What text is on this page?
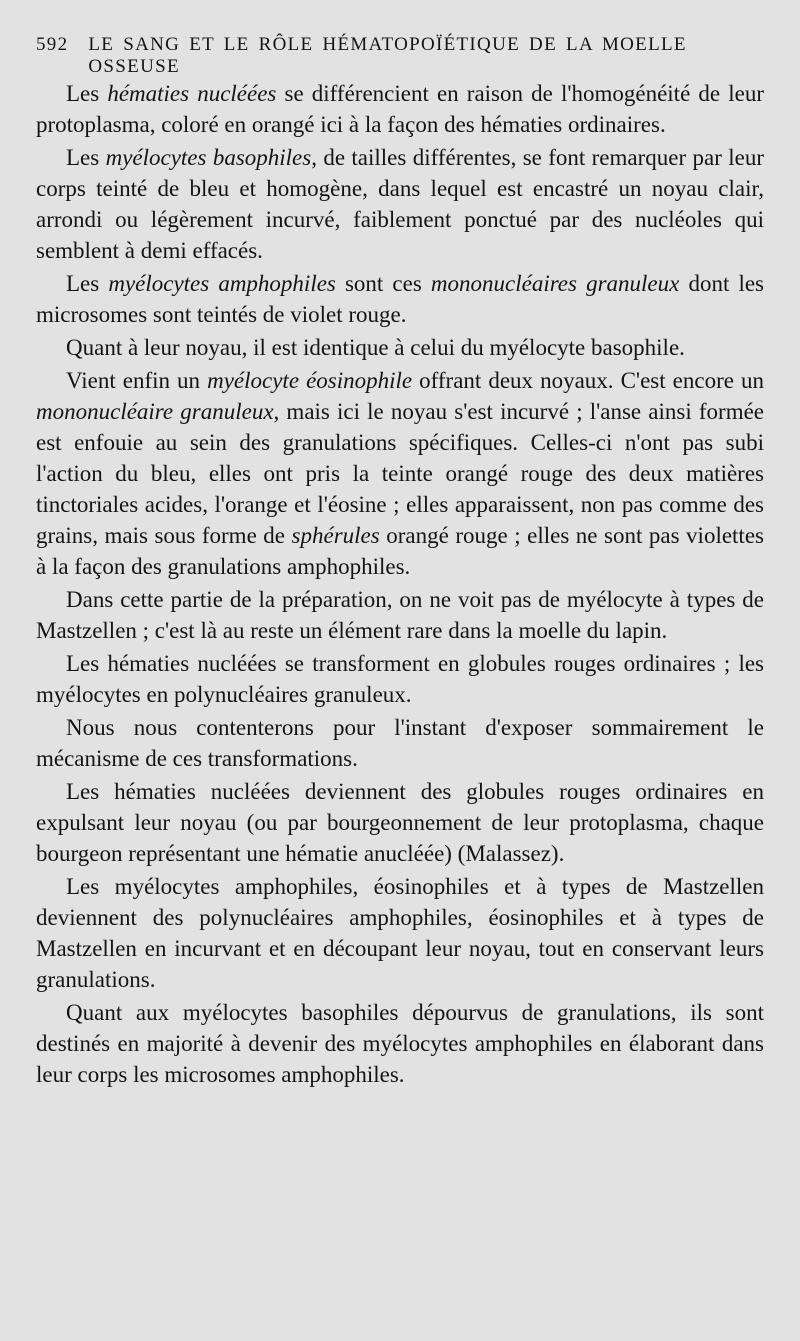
592 LE SANG ET LE RÔLE HÉMATOPOÏÉTIQUE DE LA MOELLE OSSEUSE

Les hématies nucléées se différencient en raison de l'homogénéité de leur protoplasma, coloré en orangé ici à la façon des hématies ordinaires.

Les myélocytes basophiles, de tailles différentes, se font remarquer par leur corps teinté de bleu et homogène, dans lequel est encastré un noyau clair, arrondi ou légèrement incurvé, faiblement ponctué par des nucléoles qui semblent à demi effacés.

Les myélocytes amphophiles sont ces mononucléaires granuleux dont les microsomes sont teintés de violet rouge.

Quant à leur noyau, il est identique à celui du myélocyte basophile.

Vient enfin un myélocyte éosinophile offrant deux noyaux. C'est encore un mononucléaire granuleux, mais ici le noyau s'est incurvé ; l'anse ainsi formée est enfouie au sein des granulations spécifiques. Celles-ci n'ont pas subi l'action du bleu, elles ont pris la teinte orangé rouge des deux matières tinctoriales acides, l'orange et l'éosine ; elles apparaissent, non pas comme des grains, mais sous forme de sphérules orangé rouge ; elles ne sont pas violettes à la façon des granulations amphophiles.

Dans cette partie de la préparation, on ne voit pas de myélocyte à types de Mastzellen ; c'est là au reste un élément rare dans la moelle du lapin.

Les hématies nucléées se transforment en globules rouges ordinaires ; les myélocytes en polynucléaires granuleux.

Nous nous contenterons pour l'instant d'exposer sommairement le mécanisme de ces transformations.

Les hématies nucléées deviennent des globules rouges ordinaires en expulsant leur noyau (ou par bourgeonnement de leur protoplasma, chaque bourgeon représentant une hématie anucléée) (Malassez).

Les myélocytes amphophiles, éosinophiles et à types de Mastzellen deviennent des polynucléaires amphophiles, éosinophiles et à types de Mastzellen en incurvant et en découpant leur noyau, tout en conservant leurs granulations.

Quant aux myélocytes basophiles dépourvus de granulations, ils sont destinés en majorité à devenir des myélocytes amphophiles en élaborant dans leur corps les microsomes amphophiles.
